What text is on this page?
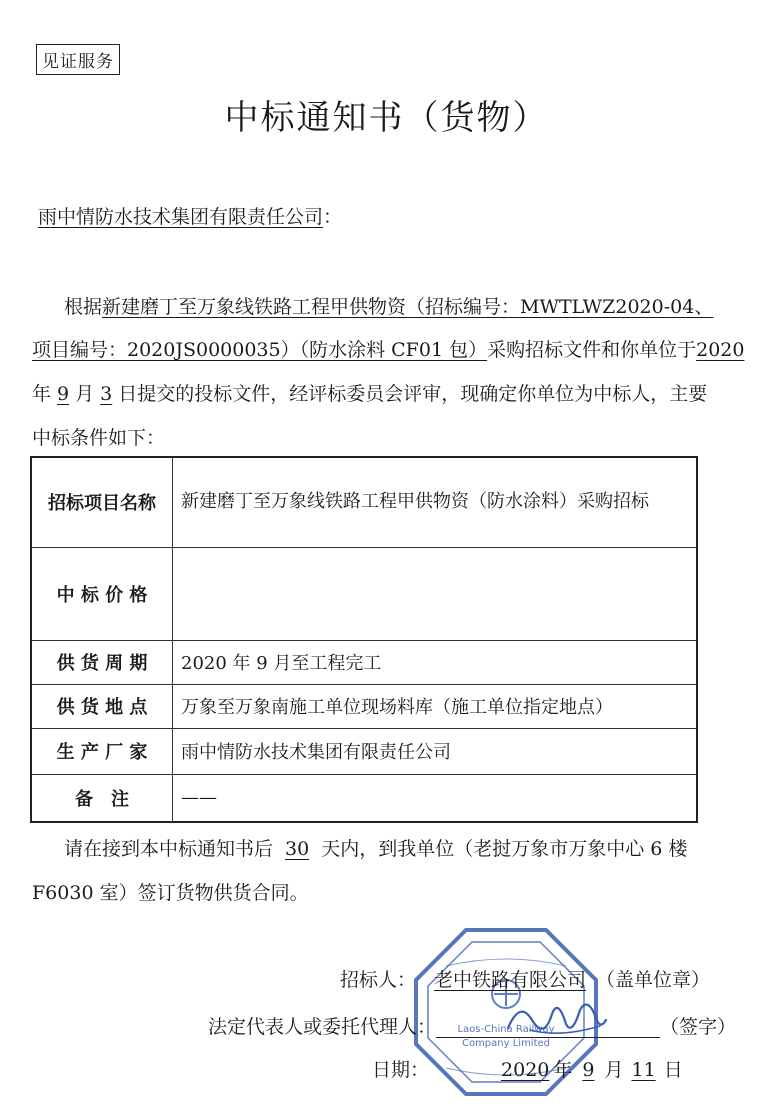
见证服务
中标通知书（货物）
雨中情防水技术集团有限责任公司：
根据新建磨丁至万象线铁路工程甲供物资（招标编号：MWTLWZ2020-04、
项目编号：2020JS0000035）（防水涂料 CF01 包）采购招标文件和你单位于2020
年 9 月 3 日提交的投标文件，经评标委员会评审，现确定你单位为中标人，主要
中标条件如下：
招标项目名称	新建磨丁至万象线铁路工程甲供物资（防水涂料）采购招标
中 标 价 格	
供 货 周 期	2020 年 9 月至工程完工
供 货 地 点	万象至万象南施工单位现场料库（施工单位指定地点）
生 产 厂 家	雨中情防水技术集团有限责任公司
备　注	——
请在接到本中标通知书后 30 天内，到我单位（老挝万象市万象中心 6 楼
F6030 室）签订货物供货合同。
Laos-China Railway
Company Limited
招标人： 老中铁路有限公司 （盖单位章）
法定代表人或委托代理人：	（签字）
日期：	2020 年 9 月 11 日
